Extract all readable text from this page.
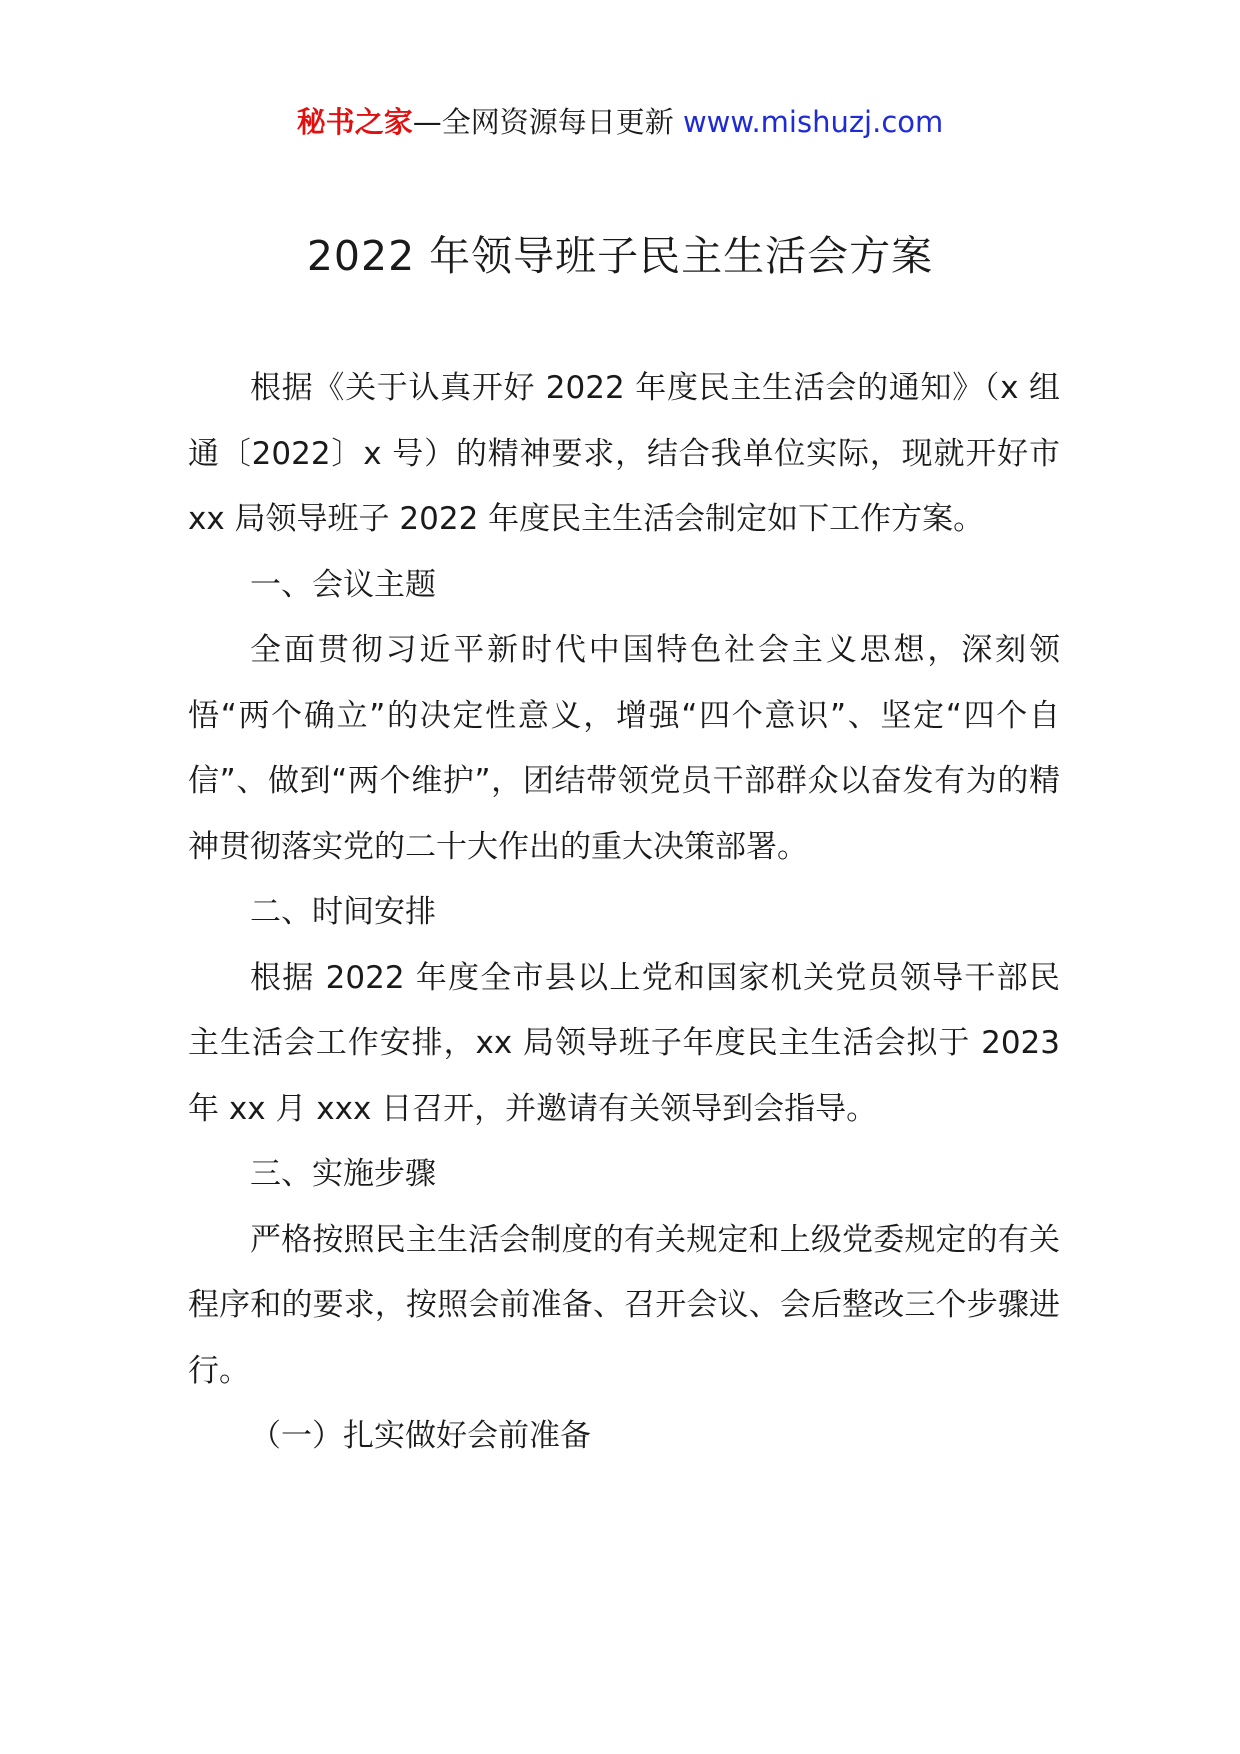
秘书之家—全网资源每日更新 www.mishuzj.com
2022 年领导班子民主生活会方案

根据《关于认真开好 2022 年度民主生活会的通知》（x 组通〔2022〕x 号）的精神要求，结合我单位实际，现就开好市 xx 局领导班子 2022 年度民主生活会制定如下工作方案。

一、会议主题

全面贯彻习近平新时代中国特色社会主义思想，深刻领悟“两个确立”的决定性意义，增强“四个意识”、坚定“四个自信”、做到“两个维护”，团结带领党员干部群众以奋发有为的精神贯彻落实党的二十大作出的重大决策部署。

二、时间安排

根据 2022 年度全市县以上党和国家机关党员领导干部民主生活会工作安排，xx 局领导班子年度民主生活会拟于 2023 年 xx 月 xxx 日召开，并邀请有关领导到会指导。

三、实施步骤

严格按照民主生活会制度的有关规定和上级党委规定的有关程序和的要求，按照会前准备、召开会议、会后整改三个步骤进行。

（一）扎实做好会前准备
